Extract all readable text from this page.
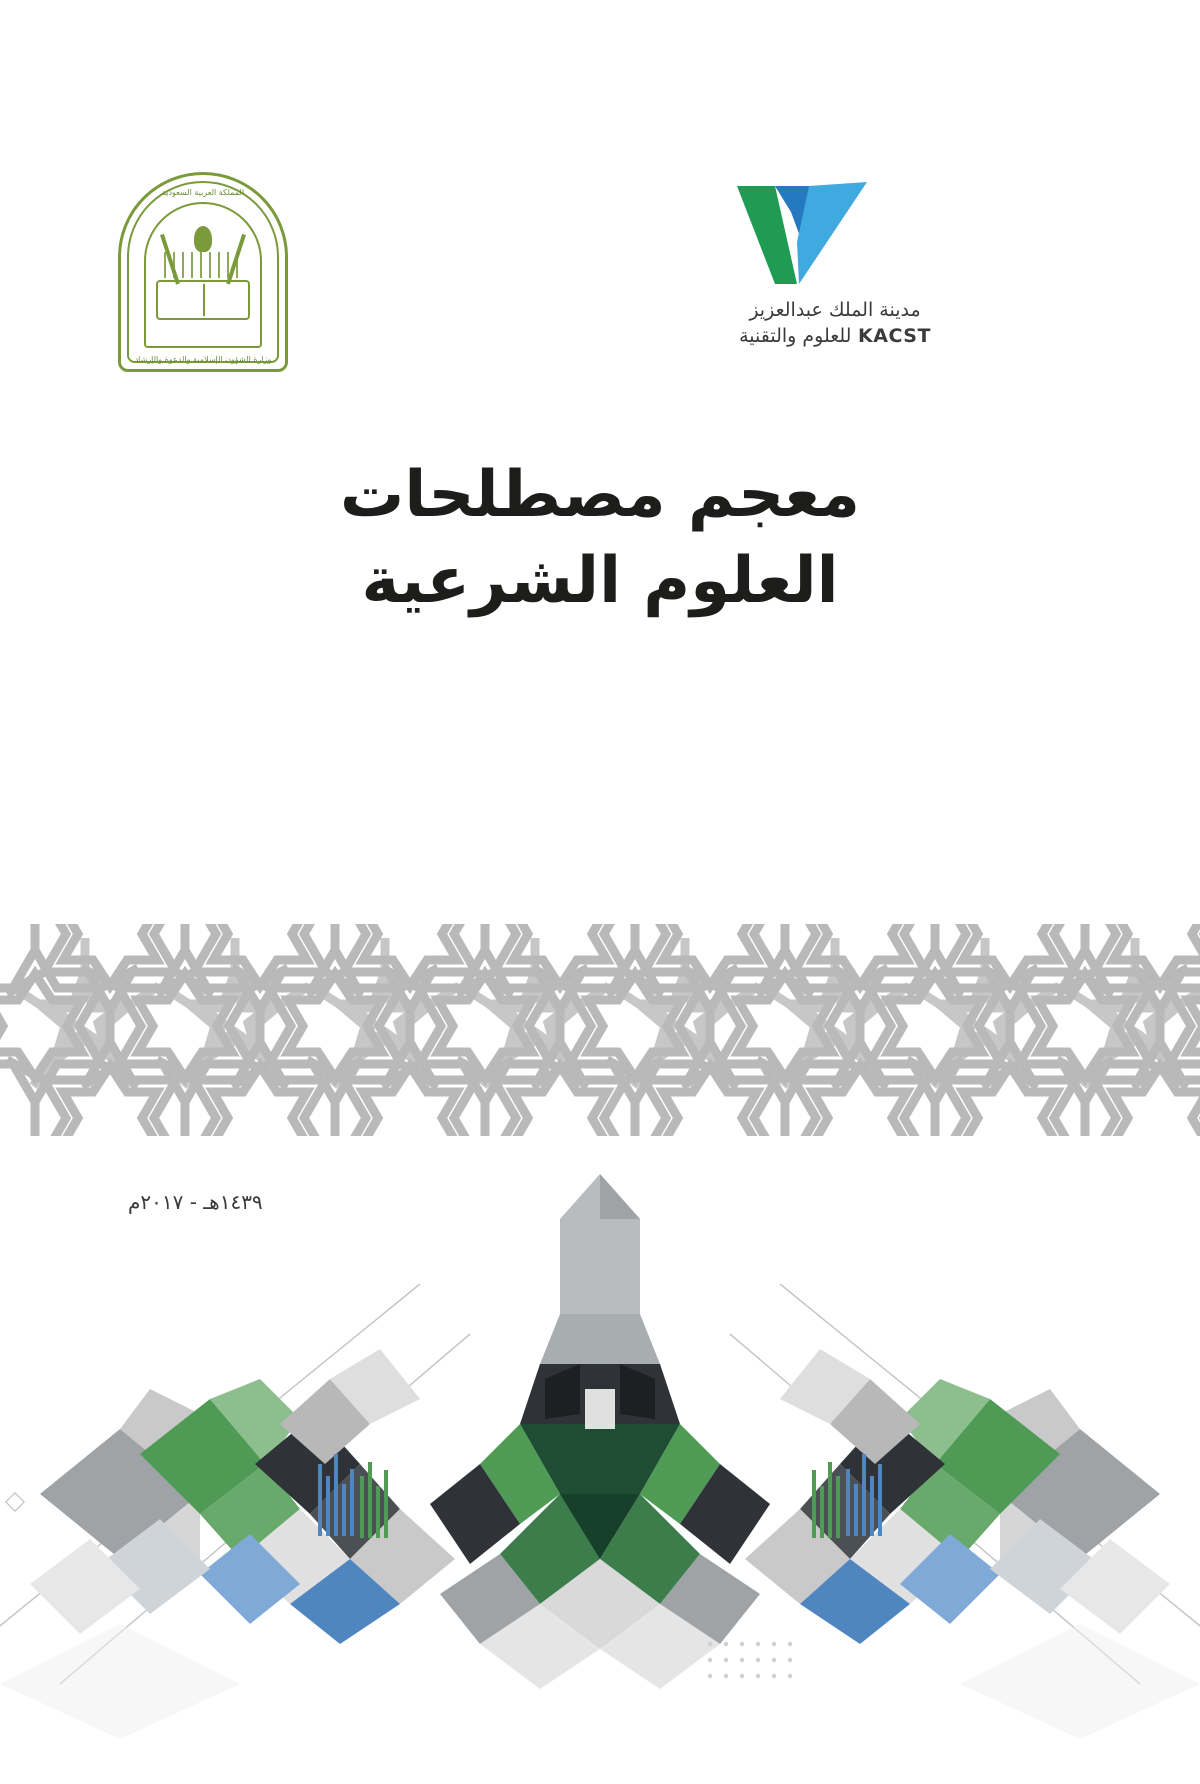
المملكة العربية السعودية
وزارة الشؤون الإسلامية والدعوة والإرشاد
مدينة الملك عبدالعزيز
KACST للعلوم والتقنية
معجم مصطلحات
العلوم الشرعية
١٤٣٩هـ - ٢٠١٧م
